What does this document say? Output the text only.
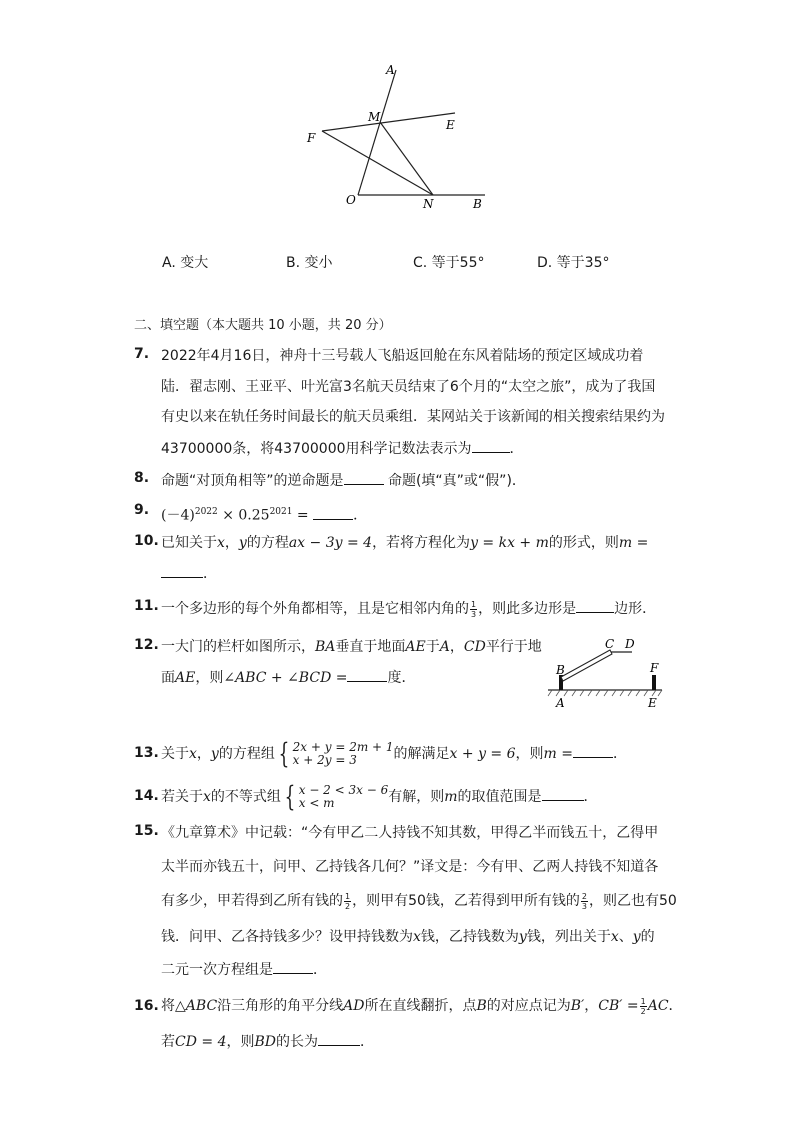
A
M
E
F
O	N	B
A. 变大	B. 变小	C. 等于55°	D. 等于35°
二、填空题（本大题共 10 小题，共 20 分）
7. 2022年4月16日，神舟十三号载人飞船返回舱在东风着陆场的预定区域成功着
陆．翟志刚、王亚平、叶光富3名航天员结束了6个月的“太空之旅”，成为了我国
有史以来在轨任务时间最长的航天员乘组．某网站关于该新闻的相关搜索结果约为
43700000条，将43700000用科学记数法表示为	．
8. 命题“对顶角相等”的逆命题是	命题(填“真”或“假”)．
9. $(-4)^{2022} \times 0.25^{2021}$ =	．
10. 已知关于x，y的方程ax − 3y = 4，若将方程化为y = kx + m的形式，则m =
．
11. 一个多边形的每个外角都相等，且是它相邻内角的 $\frac{1}{3}$ ，则此多边形是	边形．
12. 一大门的栏杆如图所示，BA垂直于地面AE于A，CD平行于地
面AE，则∠ABC + ∠BCD =	度．
C D
B	F
A	E
13. 关于x，y的方程组 { 2x + y = 2m + 1
x + 2y = 3	的解满足x + y = 6，则m =	．
14. 若关于x的不等式组 { x − 2 < 3x − 6
x < m	有解，则m的取值范围是	．
15. 《九章算术》中记载：“今有甲乙二人持钱不知其数，甲得乙半而钱五十，乙得甲
太半而亦钱五十，问甲、乙持钱各几何？”译文是：今有甲、乙两人持钱不知道各
有多少，甲若得到乙所有钱的 $\frac{1}{2}$ ，则甲有50钱，乙若得到甲所有钱的 $\frac{2}{3}$ ，则乙也有50
钱．问甲、乙各持钱多少？设甲持钱数为x钱，乙持钱数为y钱，列出关于x、y的
二元一次方程组是	．
16. 将△ABC沿三角形的角平分线AD所在直线翻折，点B的对应点记为B′，$CB' = \frac{1}{2}$ AC．
若CD = 4，则BD的长为	．
